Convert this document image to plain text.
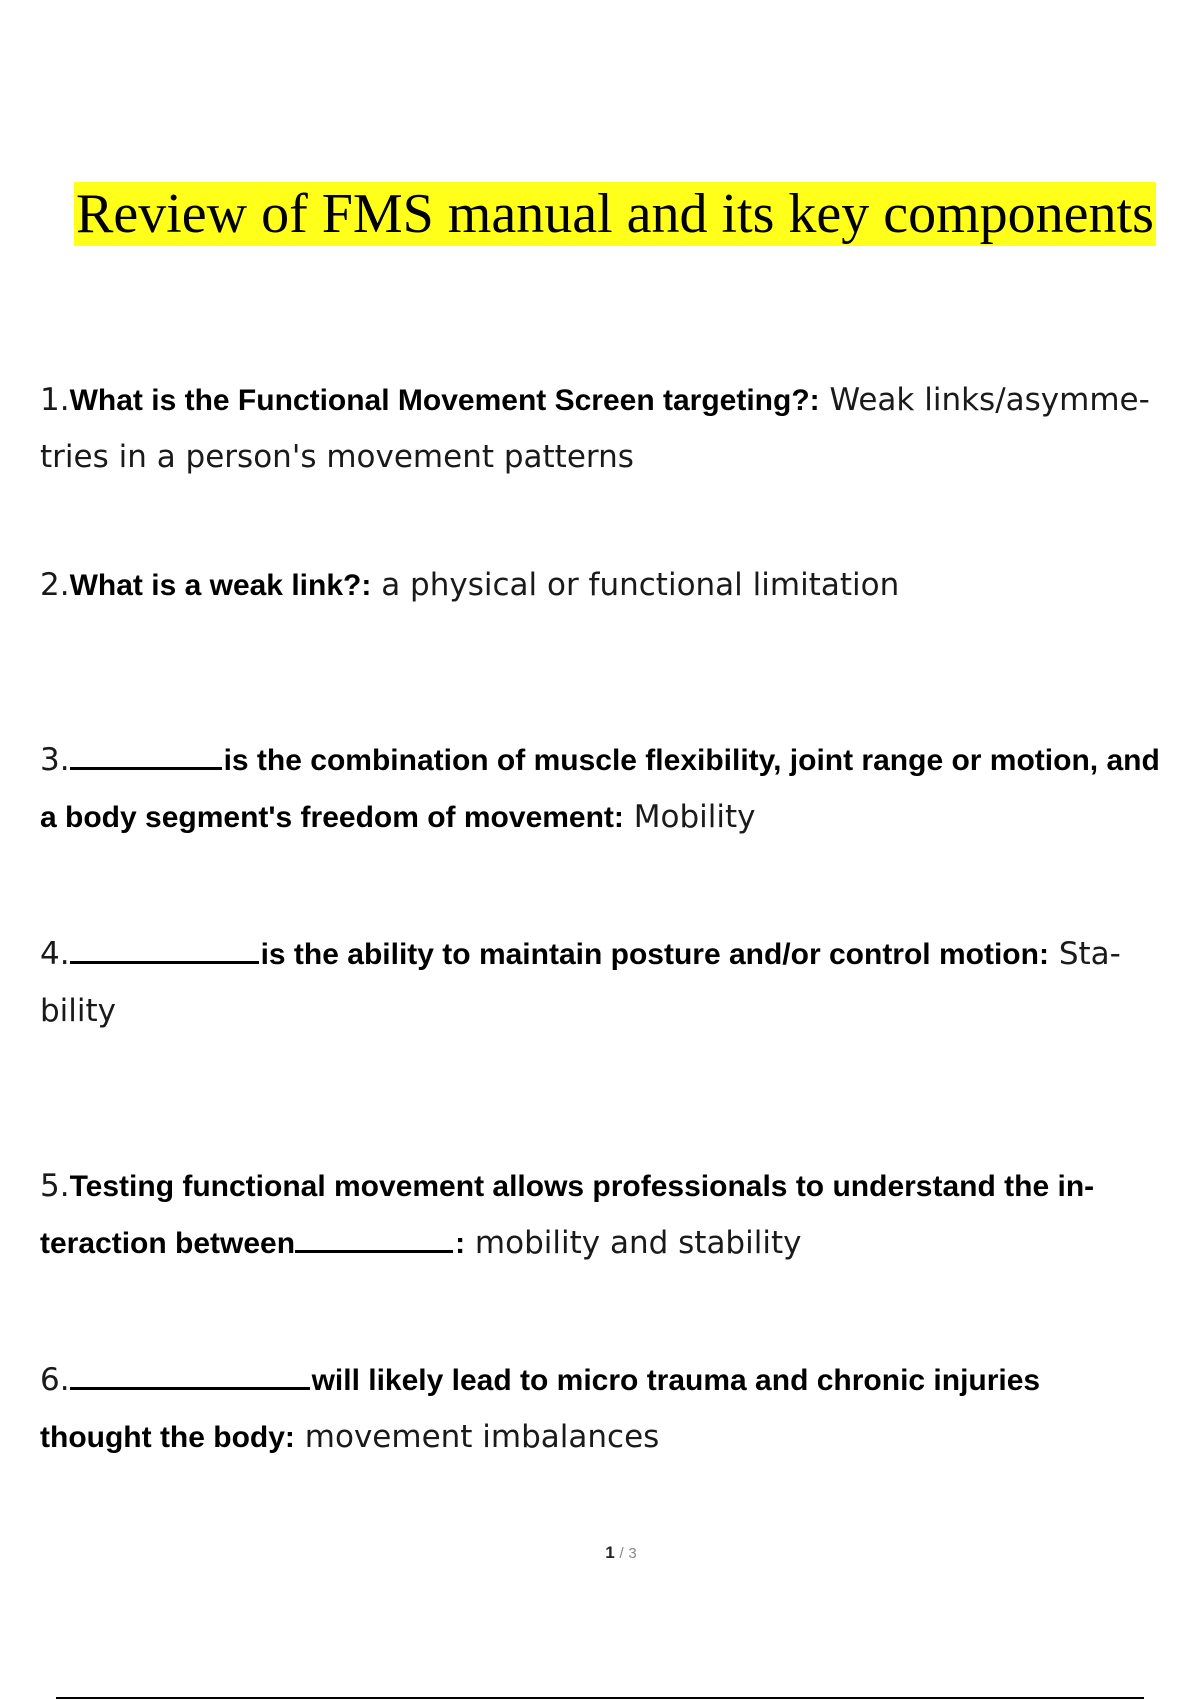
Review of FMS manual and its key components

1.What is the Functional Movement Screen targeting?: Weak links/asymme- tries in a person's movement patterns

2.What is a weak link?: a physical or functional limitation

3.	is the combination of muscle flexibility, joint range or motion, and a body segment's freedom of movement: Mobility

4.	is the ability to maintain posture and/or control motion: Sta- bility

5.Testing functional movement allows professionals to understand the in- teraction between	: mobility and stability

6.	will likely lead to micro trauma and chronic injuries thought the body: movement imbalances

1 / 3
